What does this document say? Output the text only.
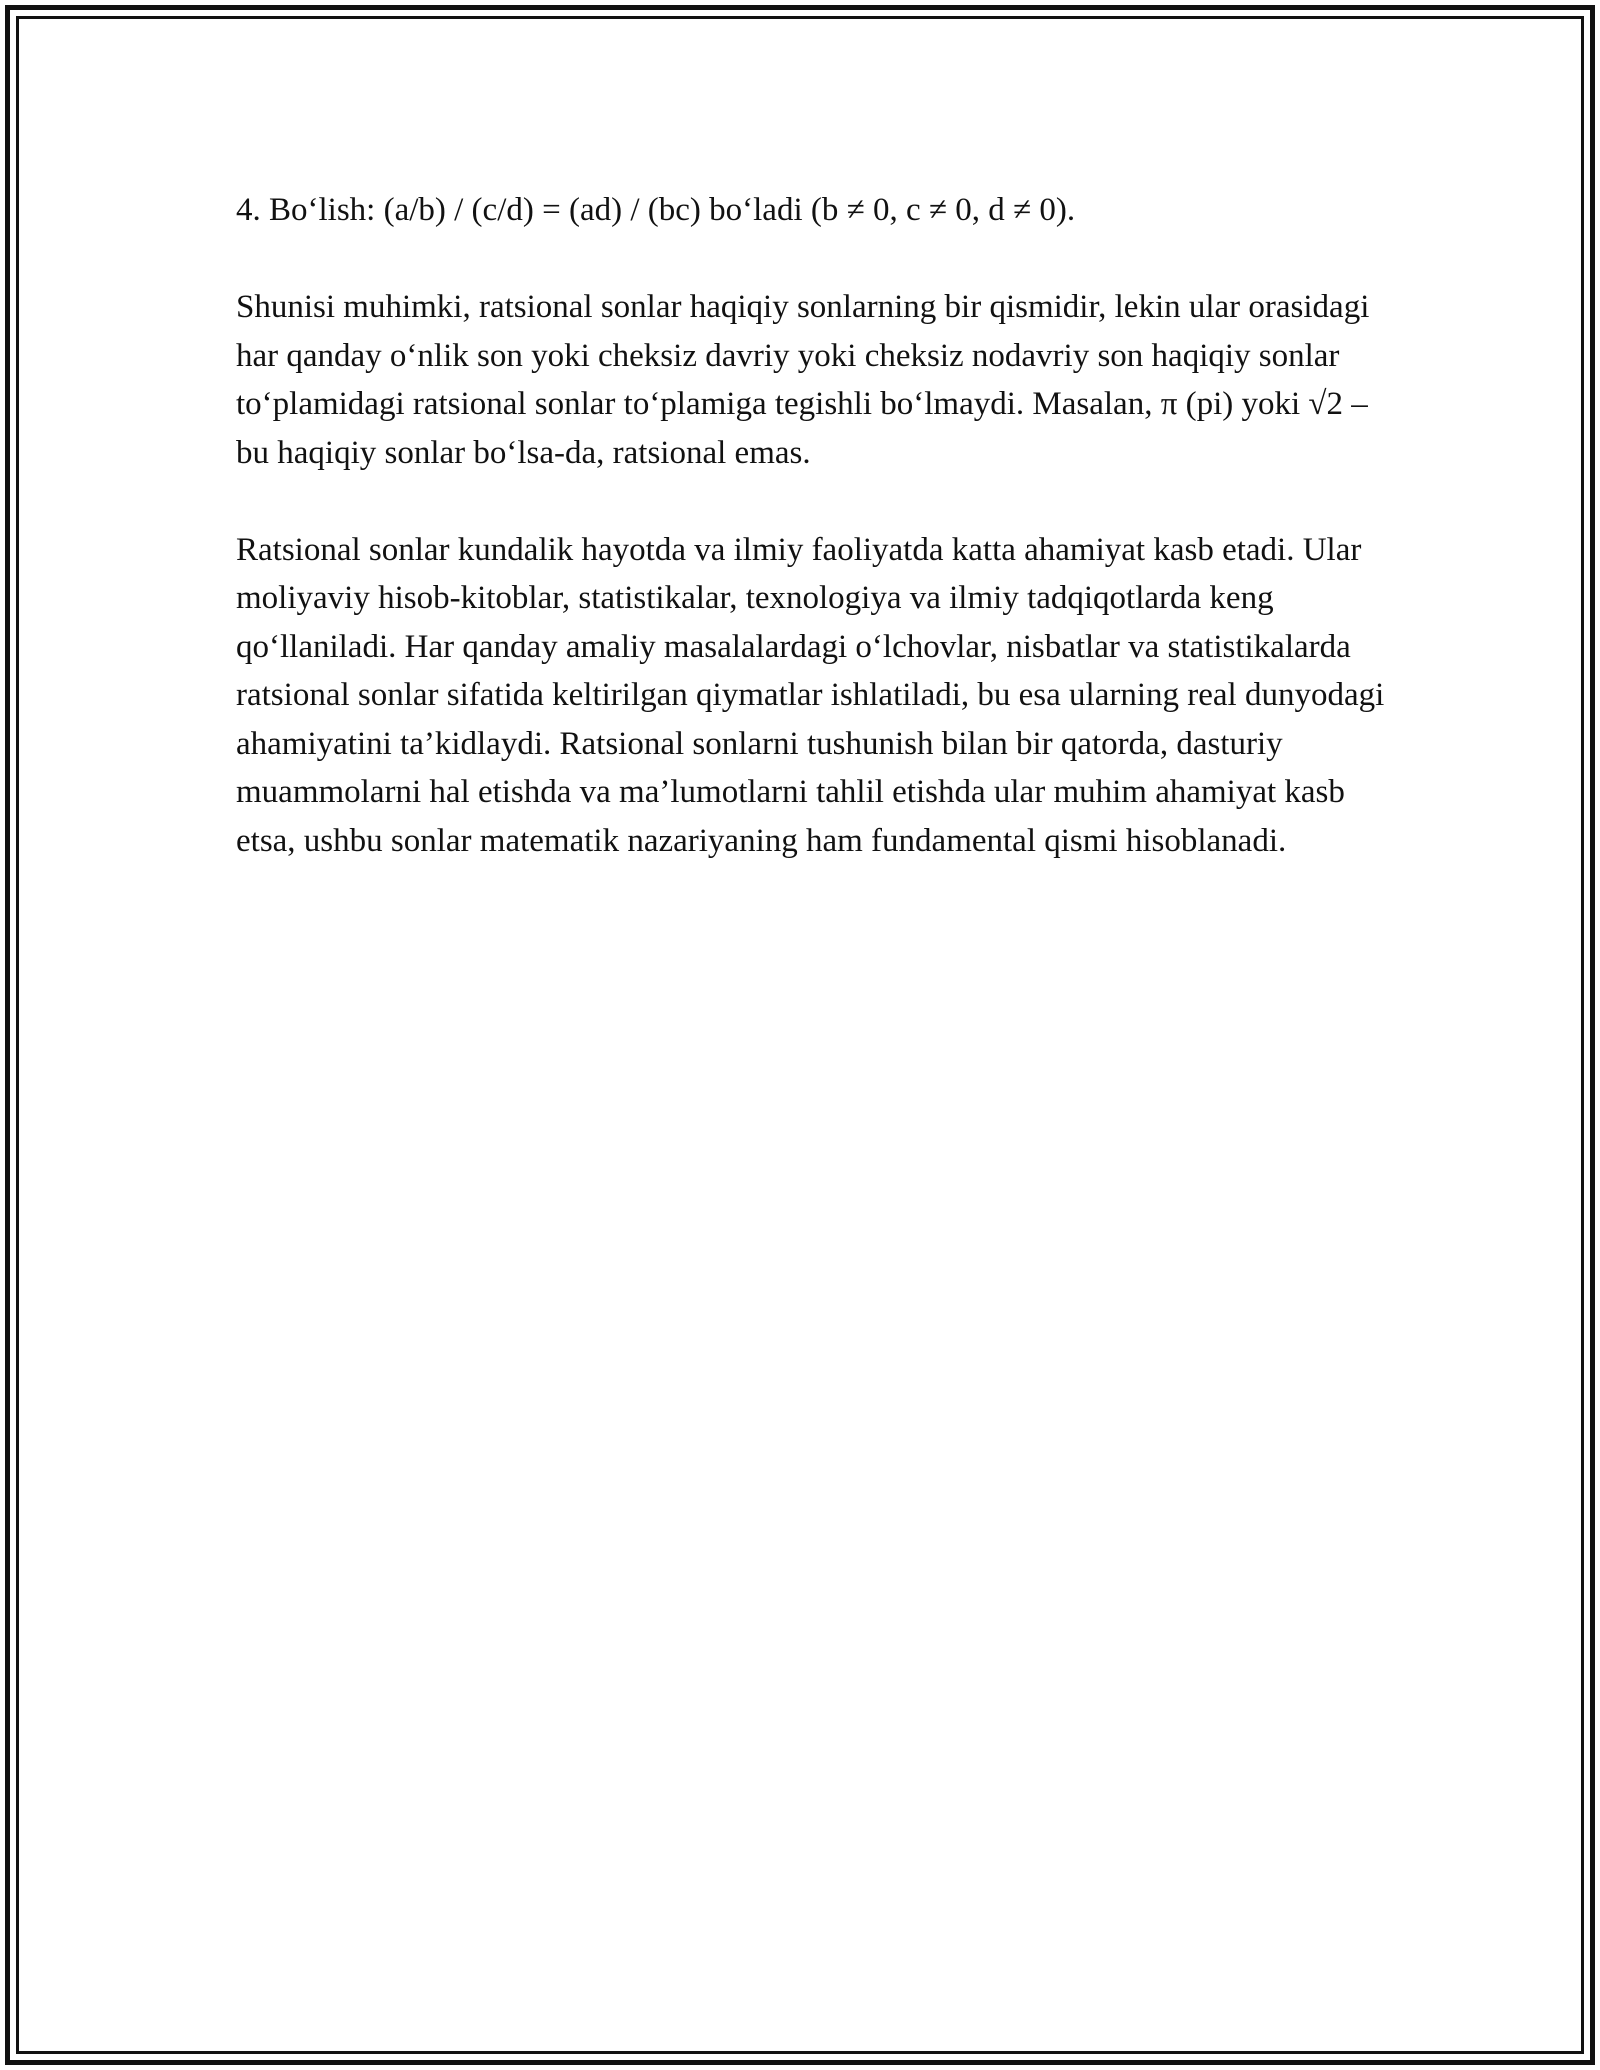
4. Bo‘lish: (a/b) / (c/d) = (ad) / (bc) bo‘ladi (b ≠ 0, c ≠ 0, d ≠ 0).

Shunisi muhimki, ratsional sonlar haqiqiy sonlarning bir qismidir, lekin ular orasidagi har qanday o‘nlik son yoki cheksiz davriy yoki cheksiz nodavriy son haqiqiy sonlar to‘plamidagi ratsional sonlar to‘plamiga tegishli bo‘lmaydi. Masalan, π (pi) yoki √2 – bu haqiqiy sonlar bo‘lsa-da, ratsional emas.

Ratsional sonlar kundalik hayotda va ilmiy faoliyatda katta ahamiyat kasb etadi. Ular moliyaviy hisob-kitoblar, statistikalar, texnologiya va ilmiy tadqiqotlarda keng qo‘llaniladi. Har qanday amaliy masalalardagi o‘lchovlar, nisbatlar va statistikalarda ratsional sonlar sifatida keltirilgan qiymatlar ishlatiladi, bu esa ularning real dunyodagi ahamiyatini ta’kidlaydi. Ratsional sonlarni tushunish bilan bir qatorda, dasturiy muammolarni hal etishda va ma’lumotlarni tahlil etishda ular muhim ahamiyat kasb etsa, ushbu sonlar matematik nazariyaning ham fundamental qismi hisoblanadi.
